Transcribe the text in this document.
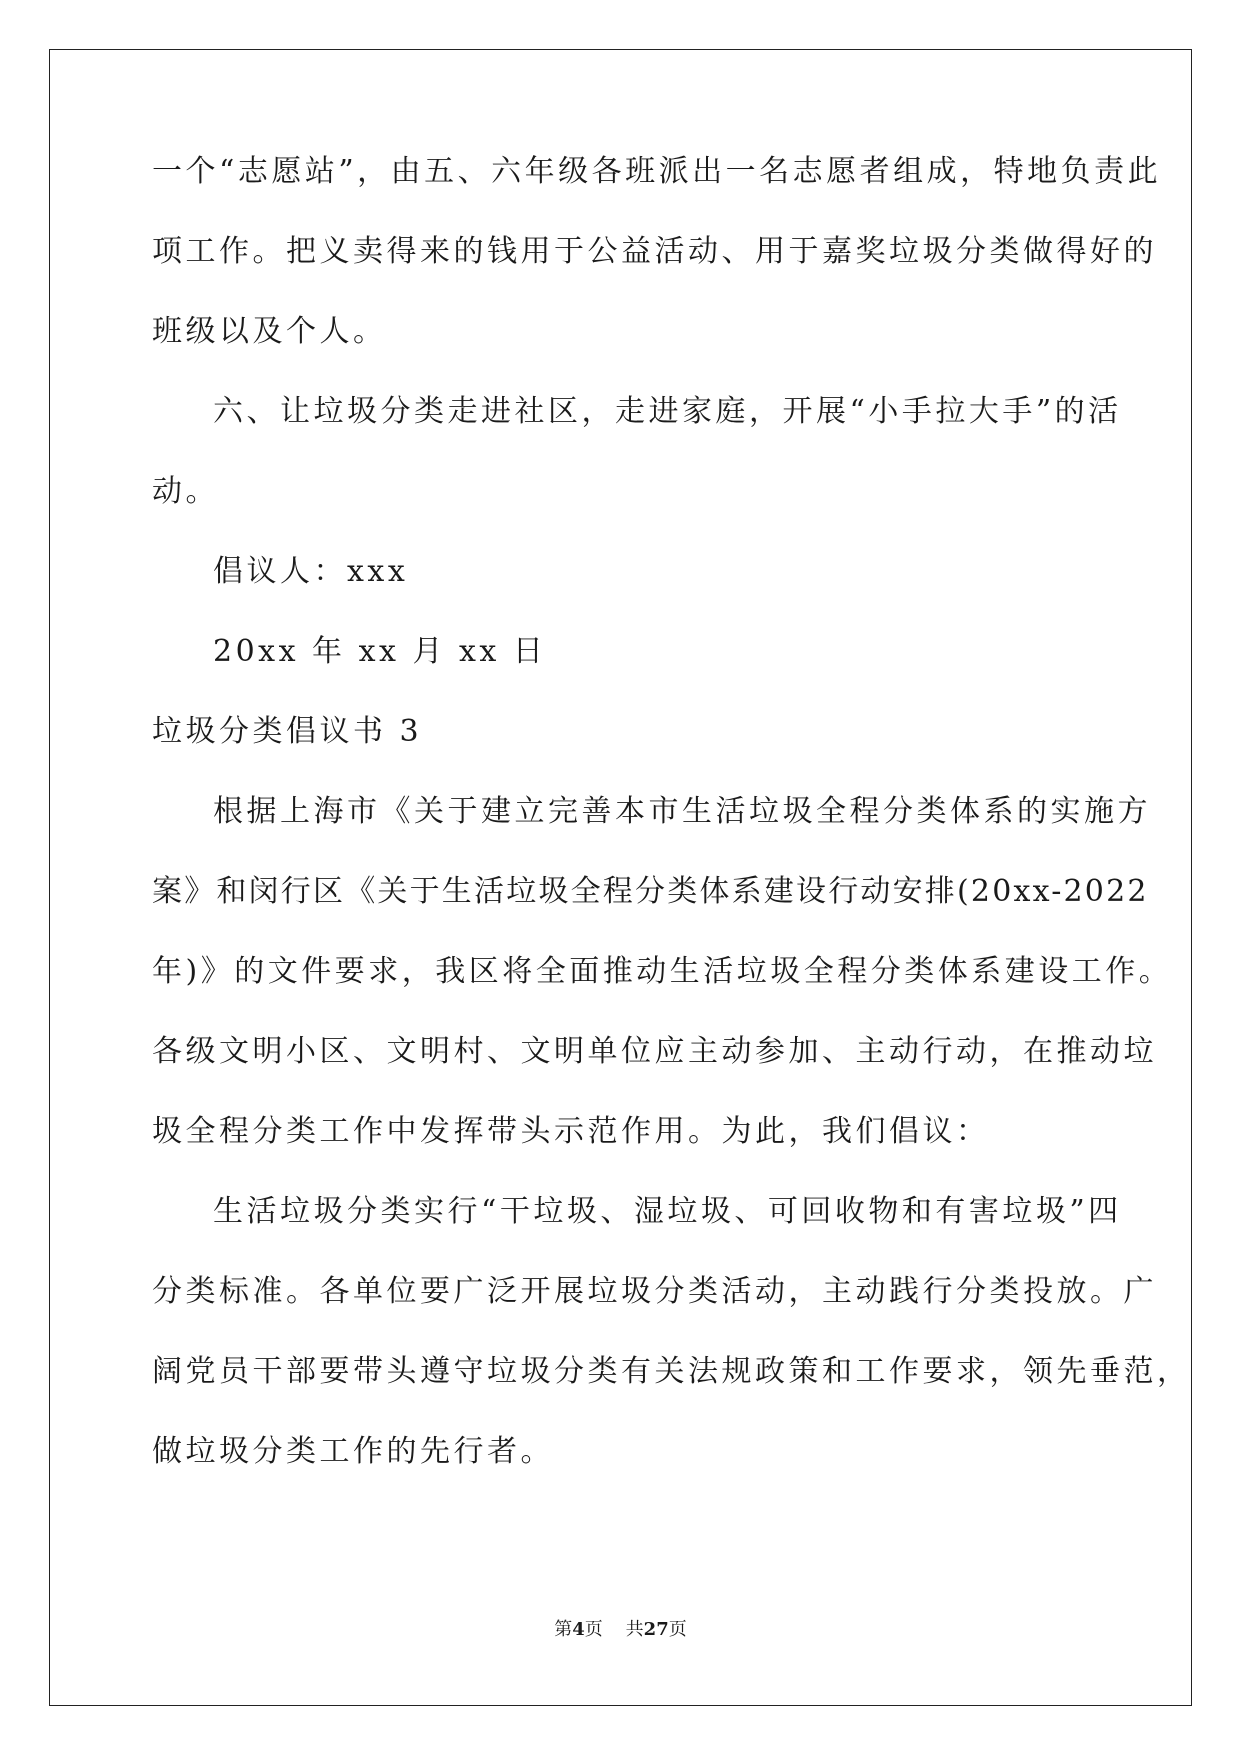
一个“志愿站”，由五、六年级各班派出一名志愿者组成，特地负责此
项工作。把义卖得来的钱用于公益活动、用于嘉奖垃圾分类做得好的
班级以及个人。
六、让垃圾分类走进社区，走进家庭，开展“小手拉大手”的活
动。
倡议人：xxx
20xx 年 xx 月 xx 日
垃圾分类倡议书 3
根据上海市《关于建立完善本市生活垃圾全程分类体系的实施方
案》和闵行区《关于生活垃圾全程分类体系建设行动安排(20xx-2022
年)》的文件要求，我区将全面推动生活垃圾全程分类体系建设工作。
各级文明小区、文明村、文明单位应主动参加、主动行动，在推动垃
圾全程分类工作中发挥带头示范作用。为此，我们倡议：
生活垃圾分类实行“干垃圾、湿垃圾、可回收物和有害垃圾”四
分类标准。各单位要广泛开展垃圾分类活动，主动践行分类投放。广
阔党员干部要带头遵守垃圾分类有关法规政策和工作要求，领先垂范，
做垃圾分类工作的先行者。
第4页 共27页
